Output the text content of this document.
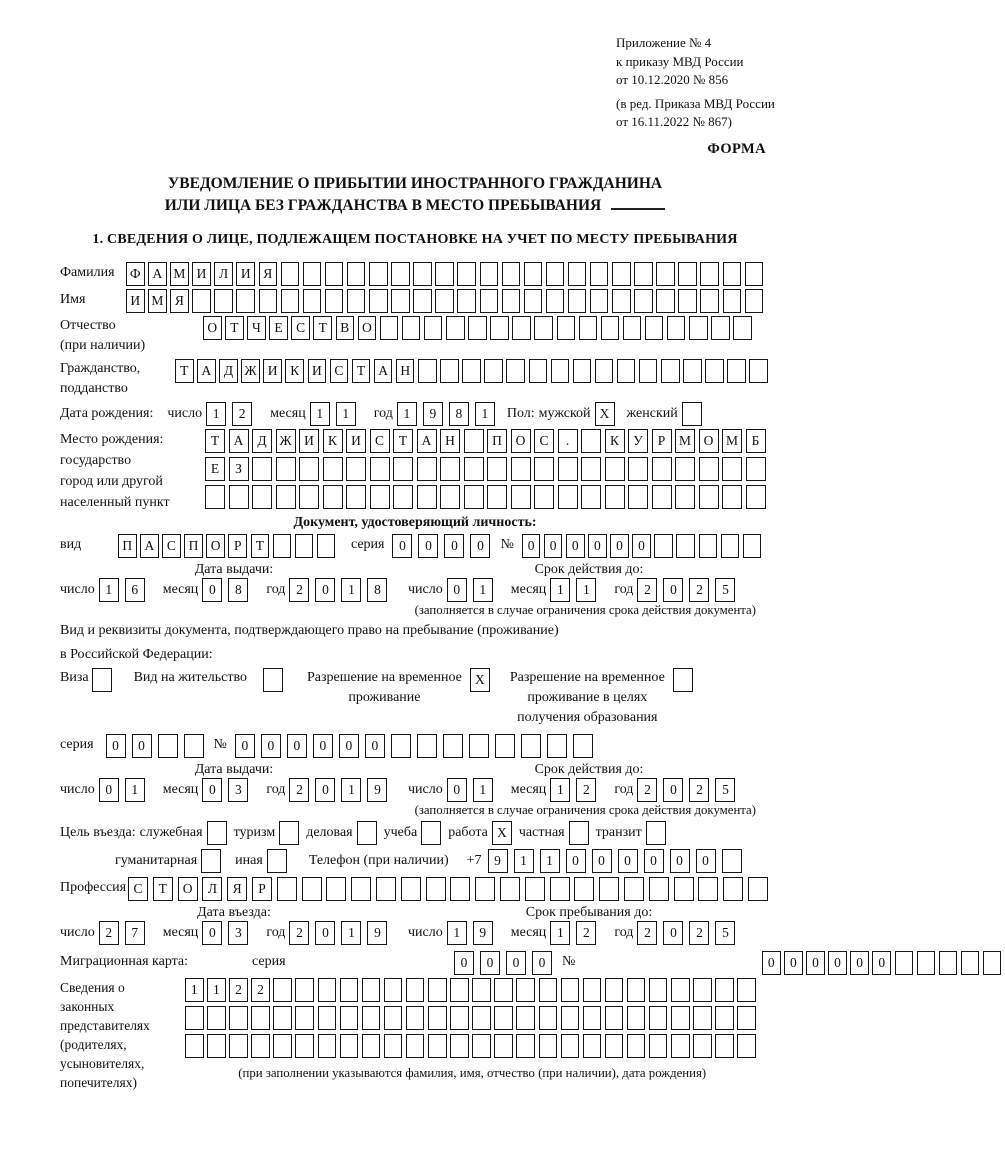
Приложение № 4
к приказу МВД России
от 10.12.2020 № 856
(в ред. Приказа МВД России
от 16.11.2022 № 867)
ФОРМА
УВЕДОМЛЕНИЕ О ПРИБЫТИИ ИНОСТРАННОГО ГРАЖДАНИНА
ИЛИ ЛИЦА БЕЗ ГРАЖДАНСТВА В МЕСТО ПРЕБЫВАНИЯ
1. СВЕДЕНИЯ О ЛИЦЕ, ПОДЛЕЖАЩЕМ ПОСТАНОВКЕ НА УЧЕТ ПО МЕСТУ ПРЕБЫВАНИЯ
Фамилия	Ф А М И Л И Я
Имя	И М Я
Отчество
(при наличии)
О Т	Ч	Е С Т В О
Гражданство,
подданство
Т А Д Ж И К И С Т А Н
Дата рождения: число 1	2	месяц 1	1	год 1	9	8	1	Пол: мужской X	женский
Место рождения:
государство
город или другой
населенный пункт
Т	А	Д Ж И	К	И	С	Т	А	Н	П	О	С	.	К	У	Р	М О М	Б
Е	З
Документ, удостоверяющий личность:
вид	П А С П О Р	Т	серия	0	0	0	0	№	0	0	0	0	0	0
Дата выдачи:
число 1	6	месяц 0	8	год 2	0	1	8
Срок действия до:
число 0	1	месяц 1	1	год 2	0	2	5
(заполняется в случае ограничения срока действия документа)
Вид и реквизиты документа, подтверждающего право на пребывание (проживание)
в Российской Федерации:
Виза	Вид на жительство	Разрешение на временное
проживание
X	Разрешение на временное
проживание в целях
получения образования
серия	0	0	№	0	0	0	0	0	0
Дата выдачи:
число 0	1	месяц 0	3	год 2	0	1	9
Срок действия до:
число 0	1	месяц 1	2	год 2	0	2	5
(заполняется в случае ограничения срока действия документа)
Цель въезда: служебная туризм деловая учеба работа X частная транзит
гуманитарная	иная	Телефон (при наличии) +7 9	1	1	0	0	0	0	0	0
Профессия С	Т	О	Л	Я	Р
Дата въезда:
число 2	7	месяц 0	3	год 2	0	1	9
Срок пребывания до:
число 1	9	месяц 1	2	год 2	0	2	5
Миграционная карта:	серия	0	0	0	0	№	0	0	0	0	0	0
Сведения о
законных
представителях
(родителях,
усыновителях,
попечителях)
1	1	2	2
(при заполнении указываются фамилия, имя, отчество (при наличии), дата рождения)
